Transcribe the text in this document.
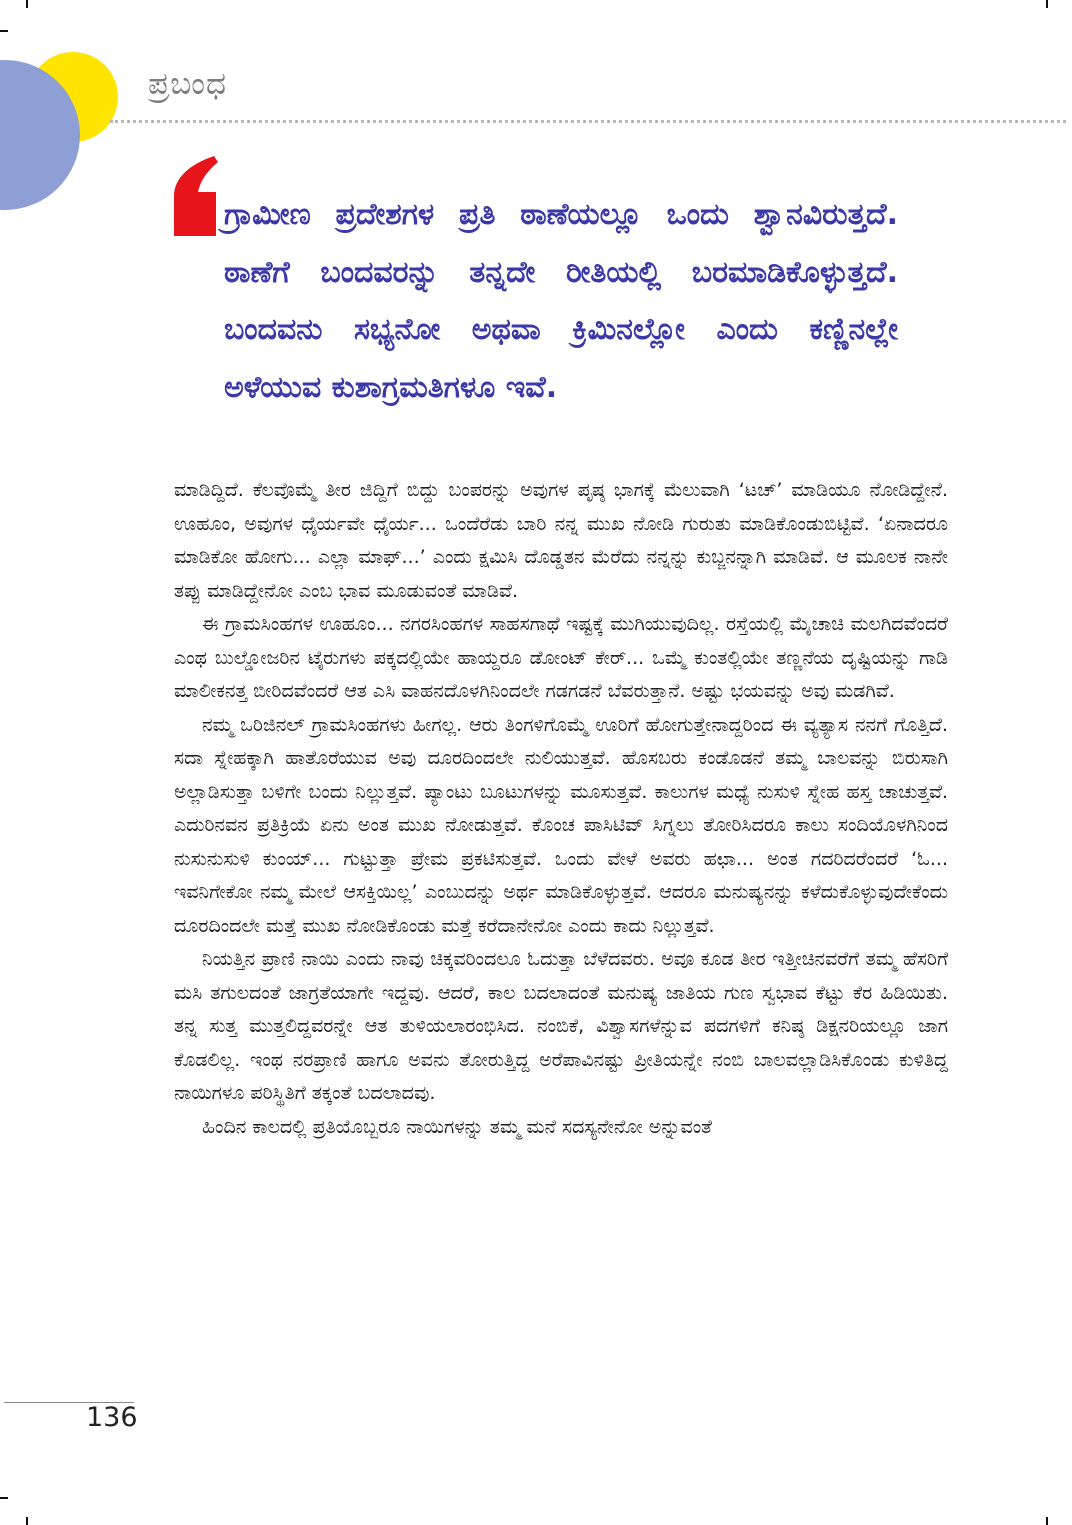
ಪ್ರಬಂಧ

ಗ್ರಾಮೀಣ ಪ್ರದೇಶಗಳ ಪ್ರತಿ ಠಾಣೆಯಲ್ಲೂ ಒಂದು ಶ್ವಾನವಿರುತ್ತದೆ. ಠಾಣೆಗೆ ಬಂದವರನ್ನು ತನ್ನದೇ ರೀತಿಯಲ್ಲಿ ಬರಮಾಡಿಕೊಳ್ಳುತ್ತದೆ. ಬಂದವನು ಸಭ್ಯನೋ ಅಥವಾ ಕ್ರಿಮಿನಲ್ಲೋ ಎಂದು ಕಣ್ಣಿನಲ್ಲೇ ಅಳೆಯುವ ಕುಶಾಗ್ರಮತಿಗಳೂ ಇವೆ.

ಮಾಡಿದ್ದಿದೆ. ಕೆಲವೊಮ್ಮೆ ತೀರ ಜಿದ್ದಿಗೆ ಬಿದ್ದು ಬಂಪರನ್ನು ಅವುಗಳ ಪೃಷ್ಠ ಭಾಗಕ್ಕೆ ಮೆಲುವಾಗಿ ‘ಟಚ್’ ಮಾಡಿಯೂ ನೋಡಿದ್ದೇನೆ. ಊಹೂಂ, ಅವುಗಳ ಧೈರ್ಯವೇ ಧೈರ್ಯ... ಒಂದೆರೆಡು ಬಾರಿ ನನ್ನ ಮುಖ ನೋಡಿ ಗುರುತು ಮಾಡಿಕೊಂಡುಬಿಟ್ಟಿವೆ. ‘ಏನಾದರೂ ಮಾಡಿಕೋ ಹೋಗು... ಎಲ್ಲಾ ಮಾಫ್...’ ಎಂದು ಕ್ಷಮಿಸಿ ದೊಡ್ಡತನ ಮೆರೆದು ನನ್ನನ್ನು ಕುಬ್ಜನನ್ನಾಗಿ ಮಾಡಿವೆ. ಆ ಮೂಲಕ ನಾನೇ ತಪ್ಪು ಮಾಡಿದ್ದೇನೋ ಎಂಬ ಭಾವ ಮೂಡುವಂತೆ ಮಾಡಿವೆ.

ಈ ಗ್ರಾಮಸಿಂಹಗಳ ಊಹೂಂ... ನಗರಸಿಂಹಗಳ ಸಾಹಸಗಾಥೆ ಇಷ್ಟಕ್ಕೆ ಮುಗಿಯುವುದಿಲ್ಲ. ರಸ್ತೆಯಲ್ಲಿ ಮೈಚಾಚಿ ಮಲಗಿದವೆಂದರೆ ಎಂಥ ಬುಲ್ಡೋಜರಿನ ಟೈರುಗಳು ಪಕ್ಕದಲ್ಲಿಯೇ ಹಾಯ್ದರೂ ಡೋಂಟ್ ಕೇರ್... ಒಮ್ಮೆ ಕುಂತಲ್ಲಿಯೇ ತಣ್ಣನೆಯ ದೃಷ್ಟಿಯನ್ನು ಗಾಡಿ ಮಾಲೀಕನತ್ತ ಬೀರಿದವೆಂದರೆ ಆತ ಎಸಿ ವಾಹನದೊಳಗಿನಿಂದಲೇ ಗಡಗಡನೆ ಬೆವರುತ್ತಾನೆ. ಅಷ್ಟು ಭಯವನ್ನು ಅವು ಮಡಗಿವೆ.

ನಮ್ಮ ಒರಿಜಿನಲ್ ಗ್ರಾಮಸಿಂಹಗಳು ಹೀಗಲ್ಲ. ಆರು ತಿಂಗಳಿಗೊಮ್ಮೆ ಊರಿಗೆ ಹೋಗುತ್ತೇನಾದ್ದರಿಂದ ಈ ವ್ಯತ್ಯಾಸ ನನಗೆ ಗೊತ್ತಿದೆ. ಸದಾ ಸ್ನೇಹಕ್ಕಾಗಿ ಹಾತೊರೆಯುವ ಅವು ದೂರದಿಂದಲೇ ನುಲಿಯುತ್ತವೆ. ಹೊಸಬರು ಕಂಡೊಡನೆ ತಮ್ಮ ಬಾಲವನ್ನು ಬಿರುಸಾಗಿ ಅಲ್ಲಾಡಿಸುತ್ತಾ ಬಳಿಗೇ ಬಂದು ನಿಲ್ಲುತ್ತವೆ. ಪ್ಯಾಂಟು ಬೂಟುಗಳನ್ನು ಮೂಸುತ್ತವೆ. ಕಾಲುಗಳ ಮಧ್ಯೆ ನುಸುಳಿ ಸ್ನೇಹ ಹಸ್ತ ಚಾಚುತ್ತವೆ. ಎದುರಿನವನ ಪ್ರತಿಕ್ರಿಯೆ ಏನು ಅಂತ ಮುಖ ನೋಡುತ್ತವೆ. ಕೊಂಚ ಪಾಸಿಟಿವ್ ಸಿಗ್ನಲು ತೋರಿಸಿದರೂ ಕಾಲು ಸಂದಿಯೊಳಗಿನಿಂದ ನುಸುನುಸುಳಿ ಕುಂಯ್... ಗುಟ್ಟುತ್ತಾ ಪ್ರೇಮ ಪ್ರಕಟಿಸುತ್ತವೆ. ಒಂದು ವೇಳೆ ಅವರು ಹಛಾ... ಅಂತ ಗದರಿದರೆಂದರೆ ‘ಓ... ಇವನಿಗೇಕೋ ನಮ್ಮ ಮೇಲೆ ಆಸಕ್ತಿಯಿಲ್ಲ’ ಎಂಬುದನ್ನು ಅರ್ಥ ಮಾಡಿಕೊಳ್ಳುತ್ತವೆ. ಆದರೂ ಮನುಷ್ಯನನ್ನು ಕಳೆದುಕೊಳ್ಳುವುದೇಕೆಂದು ದೂರದಿಂದಲೇ ಮತ್ತೆ ಮುಖ ನೋಡಿಕೊಂಡು ಮತ್ತೆ ಕರೆದಾನೇನೋ ಎಂದು ಕಾದು ನಿಲ್ಲುತ್ತವೆ.

ನಿಯತ್ತಿನ ಪ್ರಾಣಿ ನಾಯಿ ಎಂದು ನಾವು ಚಿಕ್ಕವರಿಂದಲೂ ಓದುತ್ತಾ ಬೆಳೆದವರು. ಅವೂ ಕೂಡ ತೀರ ಇತ್ತೀಚಿನವರೆಗೆ ತಮ್ಮ ಹೆಸರಿಗೆ ಮಸಿ ತಗುಲದಂತೆ ಜಾಗ್ರತೆಯಾಗೇ ಇದ್ದವು. ಆದರೆ, ಕಾಲ ಬದಲಾದಂತೆ ಮನುಷ್ಯ ಜಾತಿಯ ಗುಣ ಸ್ವಭಾವ ಕೆಟ್ಟು ಕೆರ ಹಿಡಿಯಿತು. ತನ್ನ ಸುತ್ತ ಮುತ್ತಲಿದ್ದವರನ್ನೇ ಆತ ತುಳಿಯಲಾರಂಭಿಸಿದ. ನಂಬಿಕೆ, ವಿಶ್ವಾಸಗಳೆನ್ನುವ ಪದಗಳಿಗೆ ಕನಿಷ್ಠ ಡಿಕ್ಷನರಿಯಲ್ಲೂ ಜಾಗ ಕೊಡಲಿಲ್ಲ. ಇಂಥ ನರಪ್ರಾಣಿ ಹಾಗೂ ಅವನು ತೋರುತ್ತಿದ್ದ ಅರೆಪಾವಿನಷ್ಟು ಪ್ರೀತಿಯನ್ನೇ ನಂಬಿ ಬಾಲವಲ್ಲಾಡಿಸಿಕೊಂಡು ಕುಳಿತಿದ್ದ ನಾಯಿಗಳೂ ಪರಿಸ್ಥಿತಿಗೆ ತಕ್ಕಂತೆ ಬದಲಾದವು.

ಹಿಂದಿನ ಕಾಲದಲ್ಲಿ ಪ್ರತಿಯೊಬ್ಬರೂ ನಾಯಿಗಳನ್ನು ತಮ್ಮ ಮನೆ ಸದಸ್ಯನೇನೋ ಅನ್ನುವಂತೆ

136
